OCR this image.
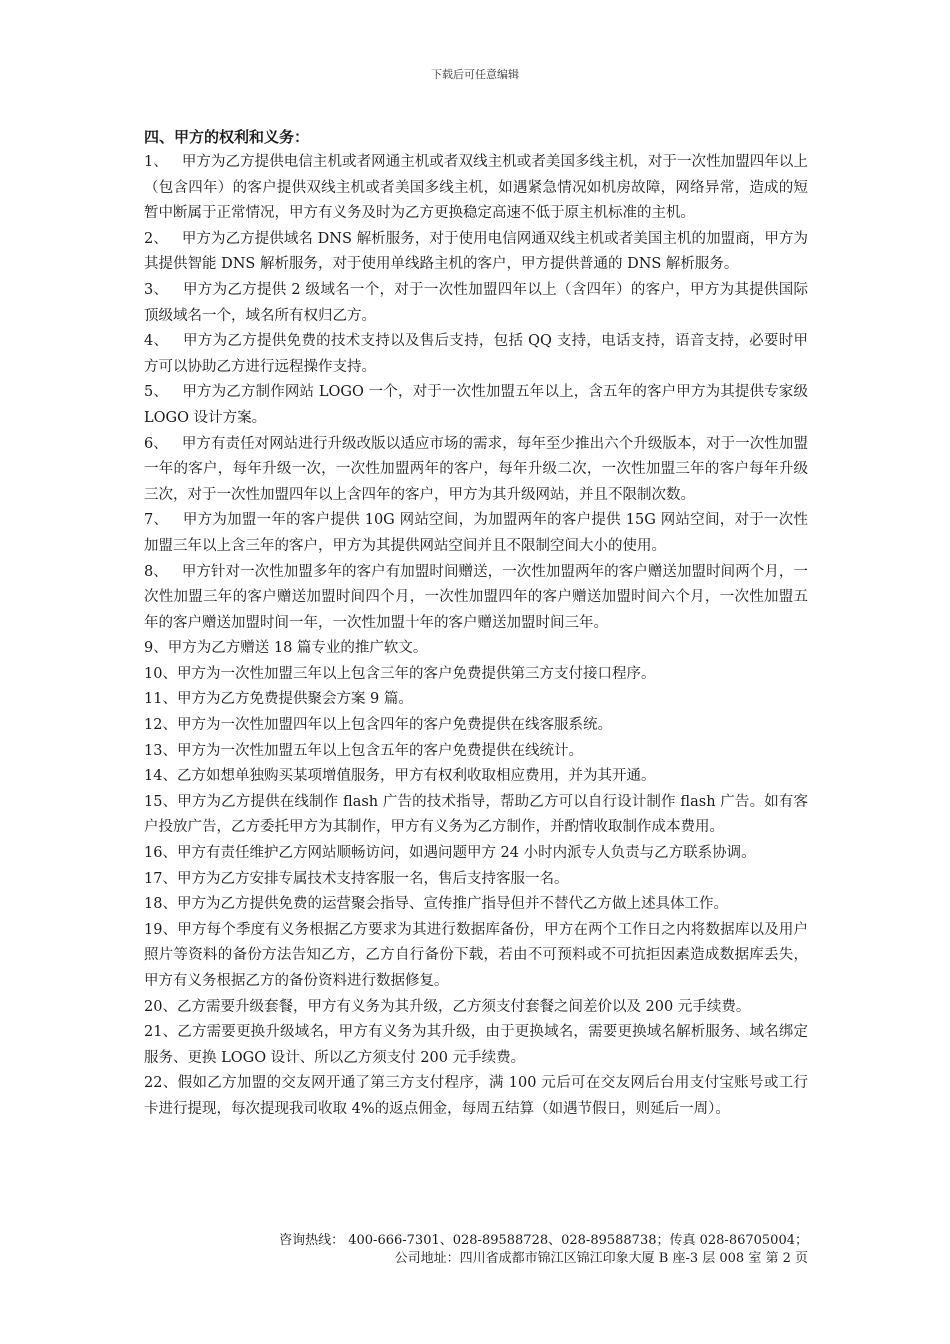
下载后可任意编辑

四、甲方的权利和义务：

1、 甲方为乙方提供电信主机或者网通主机或者双线主机或者美国多线主机，对于一次性加盟四年以上（包含四年）的客户提供双线主机或者美国多线主机，如遇紧急情况如机房故障，网络异常，造成的短暂中断属于正常情况，甲方有义务及时为乙方更换稳定高速不低于原主机标准的主机。

2、 甲方为乙方提供域名 DNS 解析服务，对于使用电信网通双线主机或者美国主机的加盟商，甲方为其提供智能 DNS 解析服务，对于使用单线路主机的客户，甲方提供普通的 DNS 解析服务。

3、 甲方为乙方提供 2 级域名一个，对于一次性加盟四年以上（含四年）的客户，甲方为其提供国际顶级域名一个，域名所有权归乙方。

4、 甲方为乙方提供免费的技术支持以及售后支持，包括 QQ 支持，电话支持，语音支持，必要时甲方可以协助乙方进行远程操作支持。

5、 甲方为乙方制作网站 LOGO 一个，对于一次性加盟五年以上，含五年的客户甲方为其提供专家级 LOGO 设计方案。

6、 甲方有责任对网站进行升级改版以适应市场的需求，每年至少推出六个升级版本，对于一次性加盟一年的客户，每年升级一次，一次性加盟两年的客户，每年升级二次，一次性加盟三年的客户每年升级三次，对于一次性加盟四年以上含四年的客户，甲方为其升级网站，并且不限制次数。

7、 甲方为加盟一年的客户提供 10G 网站空间，为加盟两年的客户提供 15G 网站空间，对于一次性加盟三年以上含三年的客户，甲方为其提供网站空间并且不限制空间大小的使用。

8、 甲方针对一次性加盟多年的客户有加盟时间赠送，一次性加盟两年的客户赠送加盟时间两个月，一次性加盟三年的客户赠送加盟时间四个月，一次性加盟四年的客户赠送加盟时间六个月，一次性加盟五年的客户赠送加盟时间一年，一次性加盟十年的客户赠送加盟时间三年。

9、甲方为乙方赠送 18 篇专业的推广软文。

10、甲方为一次性加盟三年以上包含三年的客户免费提供第三方支付接口程序。

11、甲方为乙方免费提供聚会方案 9 篇。

12、甲方为一次性加盟四年以上包含四年的客户免费提供在线客服系统。

13、甲方为一次性加盟五年以上包含五年的客户免费提供在线统计。

14、乙方如想单独购买某项增值服务，甲方有权利收取相应费用，并为其开通。

15、甲方为乙方提供在线制作 flash 广告的技术指导，帮助乙方可以自行设计制作 flash 广告。如有客户投放广告，乙方委托甲方为其制作，甲方有义务为乙方制作，并酌情收取制作成本费用。

16、甲方有责任维护乙方网站顺畅访问，如遇问题甲方 24 小时内派专人负责与乙方联系协调。

17、甲方为乙方安排专属技术支持客服一名，售后支持客服一名。

18、甲方为乙方提供免费的运营聚会指导、宣传推广指导但并不替代乙方做上述具体工作。

19、甲方每个季度有义务根据乙方要求为其进行数据库备份，甲方在两个工作日之内将数据库以及用户照片等资料的备份方法告知乙方，乙方自行备份下载，若由不可预料或不可抗拒因素造成数据库丢失，甲方有义务根据乙方的备份资料进行数据修复。

20、乙方需要升级套餐，甲方有义务为其升级，乙方须支付套餐之间差价以及 200 元手续费。

21、乙方需要更换升级域名，甲方有义务为其升级，由于更换域名，需要更换域名解析服务、域名绑定服务、更换 LOGO 设计、所以乙方须支付 200 元手续费。

22、假如乙方加盟的交友网开通了第三方支付程序，满 100 元后可在交友网后台用支付宝账号或工行卡进行提现，每次提现我司收取 4%的返点佣金，每周五结算（如遇节假日，则延后一周）。

咨询热线： 400-666-7301、028-89588728、028-89588738；传真 028-86705004；
公司地址：四川省成都市锦江区锦江印象大厦 B 座-3 层 008 室 第 2 页
